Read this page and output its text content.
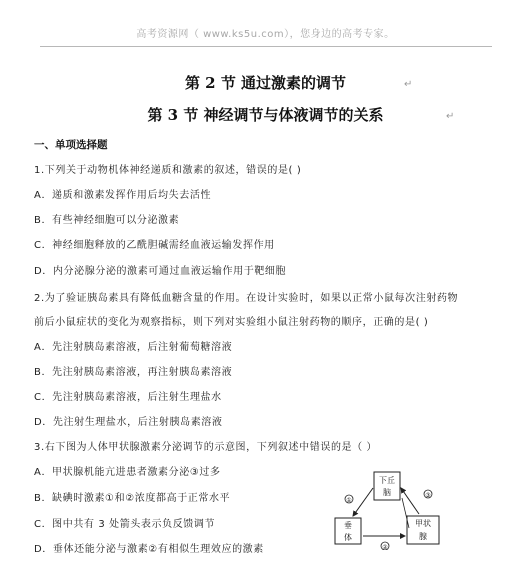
高考资源网（ www.ks5u.com），您身边的高考专家。
第 2 节 通过激素的调节	↵
第 3 节 神经调节与体液调节的关系	↵
一、单项选择题
1.下列关于动物机体神经递质和激素的叙述，错误的是( )
A．递质和激素发挥作用后均失去活性
B．有些神经细胞可以分泌激素
C．神经细胞释放的乙酰胆碱需经血液运输发挥作用
D．内分泌腺分泌的激素可通过血液运输作用于靶细胞
2.为了验证胰岛素具有降低血糖含量的作用。在设计实验时，如果以正常小鼠每次注射药物
前后小鼠症状的变化为观察指标，则下列对实验组小鼠注射药物的顺序，正确的是( )
A．先注射胰岛素溶液，后注射葡萄糖溶液
B．先注射胰岛素溶液，再注射胰岛素溶液
C．先注射胰岛素溶液，后注射生理盐水
D．先注射生理盐水，后注射胰岛素溶液
3.右下图为人体甲状腺激素分泌调节的示意图，下列叙述中错误的是（ ）
A．甲状腺机能亢进患者激素分泌③过多
B．缺碘时激素①和②浓度都高于正常水平
C．图中共有 3 处箭头表示负反馈调节
D．垂体还能分泌与激素②有相似生理效应的激素
下丘
脑
垂
体
甲状
腺
①
②
③
